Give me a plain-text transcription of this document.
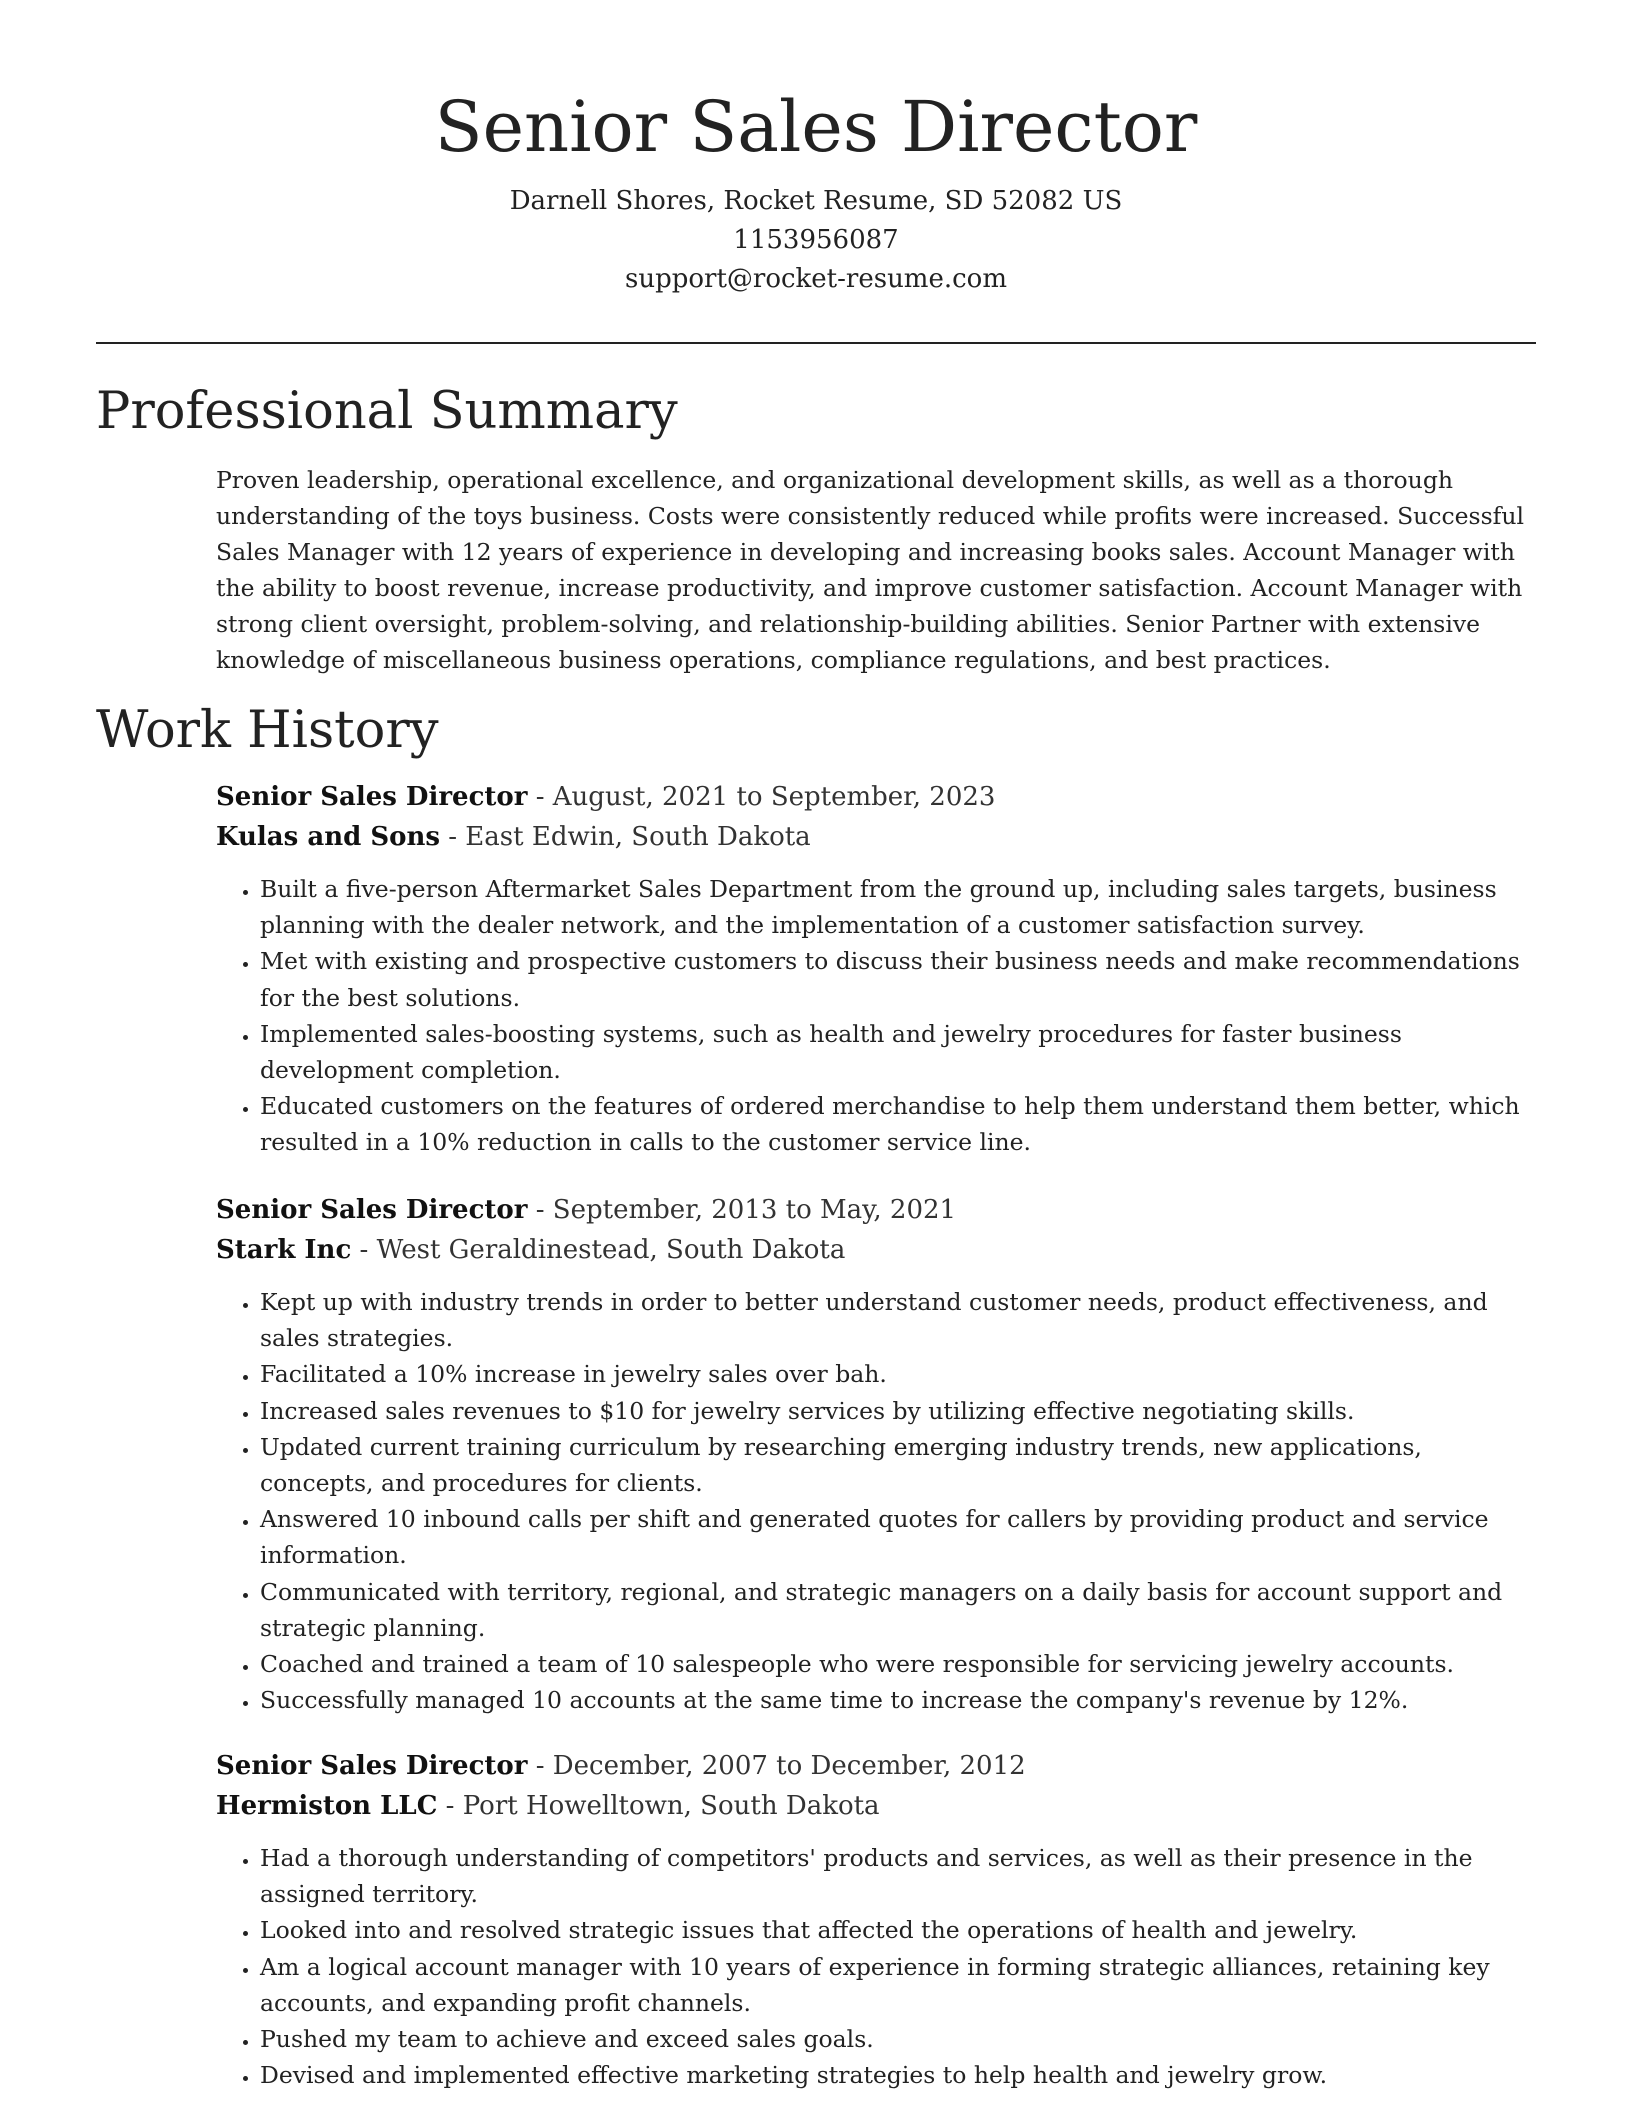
Senior Sales Director
Darnell Shores, Rocket Resume, SD 52082 US
1153956087
support@rocket-resume.com
Professional Summary

Proven leadership, operational excellence, and organizational development skills, as well as a thorough understanding of the toys business. Costs were consistently reduced while profits were increased. Successful Sales Manager with 12 years of experience in developing and increasing books sales. Account Manager with the ability to boost revenue, increase productivity, and improve customer satisfaction. Account Manager with strong client oversight, problem-solving, and relationship-building abilities. Senior Partner with extensive knowledge of miscellaneous business operations, compliance regulations, and best practices.

Work History
Senior Sales Director - August, 2021 to September, 2023
Kulas and Sons - East Edwin, South Dakota
• Built a five-person Aftermarket Sales Department from the ground up, including sales targets, business planning with the dealer network, and the implementation of a customer satisfaction survey.
• Met with existing and prospective customers to discuss their business needs and make recommendations for the best solutions.
• Implemented sales-boosting systems, such as health and jewelry procedures for faster business development completion.
• Educated customers on the features of ordered merchandise to help them understand them better, which resulted in a 10% reduction in calls to the customer service line.
Senior Sales Director - September, 2013 to May, 2021
Stark Inc - West Geraldinestead, South Dakota
• Kept up with industry trends in order to better understand customer needs, product effectiveness, and sales strategies.
• Facilitated a 10% increase in jewelry sales over bah.
• Increased sales revenues to $10 for jewelry services by utilizing effective negotiating skills.
• Updated current training curriculum by researching emerging industry trends, new applications, concepts, and procedures for clients.
• Answered 10 inbound calls per shift and generated quotes for callers by providing product and service information.
• Communicated with territory, regional, and strategic managers on a daily basis for account support and strategic planning.
• Coached and trained a team of 10 salespeople who were responsible for servicing jewelry accounts.
• Successfully managed 10 accounts at the same time to increase the company's revenue by 12%.
Senior Sales Director - December, 2007 to December, 2012
Hermiston LLC - Port Howelltown, South Dakota
• Had a thorough understanding of competitors' products and services, as well as their presence in the assigned territory.
• Looked into and resolved strategic issues that affected the operations of health and jewelry.
• Am a logical account manager with 10 years of experience in forming strategic alliances, retaining key accounts, and expanding profit channels.
• Pushed my team to achieve and exceed sales goals.
• Devised and implemented effective marketing strategies to help health and jewelry grow.
